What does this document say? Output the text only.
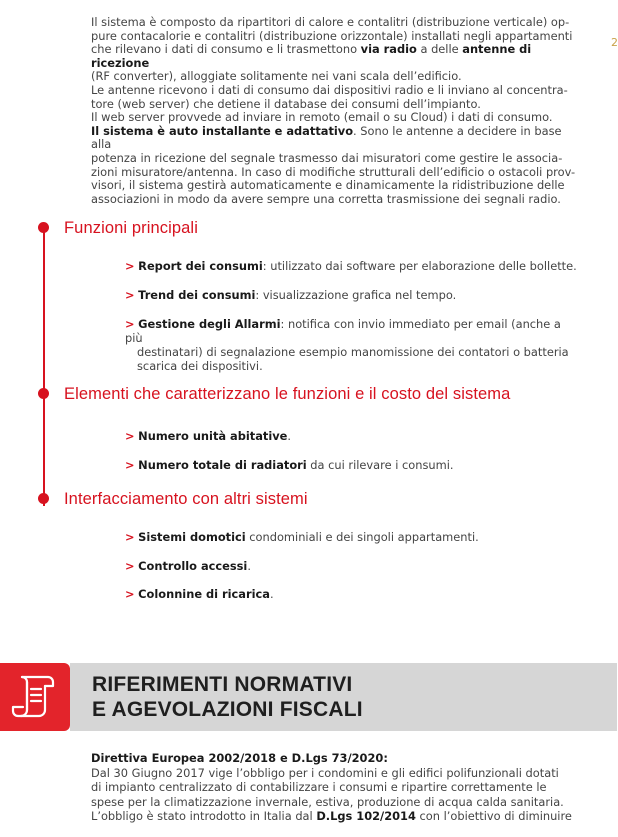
Il sistema è composto da ripartitori di calore e contalitri (distribuzione verticale) op-
pure contacalorie e contalitri (distribuzione orizzontale) installati negli appartamenti
che rilevano i dati di consumo e li trasmettono via radio a delle antenne di ricezione
(RF converter), alloggiate solitamente nei vani scala dell’edificio.

Le antenne ricevono i dati di consumo dai dispositivi radio e li inviano al concentra-
tore (web server) che detiene il database dei consumi dell’impianto.

Il web server provvede ad inviare in remoto (email o su Cloud) i dati di consumo.

Il sistema è auto installante e adattativo. Sono le antenne a decidere in base alla
potenza in ricezione del segnale trasmesso dai misuratori come gestire le associa-
zioni misuratore/antenna. In caso di modifiche strutturali dell’edificio o ostacoli prov-
visori, il sistema gestirà automaticamente e dinamicamente la ridistribuzione delle
associazioni in modo da avere sempre una corretta trasmissione dei segnali radio.

2
Funzioni principali
> Report dei consumi: utilizzato dai software per elaborazione delle bollette.
> Trend dei consumi: visualizzazione grafica nel tempo.
> Gestione degli Allarmi: notifica con invio immediato per email (anche a più
destinatari) di segnalazione esempio manomissione dei contatori o batteria
scarica dei dispositivi.
Elementi che caratterizzano le funzioni e il costo del sistema
> Numero unità abitative.
> Numero totale di radiatori da cui rilevare i consumi.
Interfacciamento con altri sistemi
> Sistemi domotici condominiali e dei singoli appartamenti.
> Controllo accessi.
> Colonnine di ricarica.
RIFERIMENTI NORMATIVI
E AGEVOLAZIONI FISCALI
Direttiva Europea 2002/2018 e D.Lgs 73/2020:
Dal 30 Giugno 2017 vige l’obbligo per i condomini e gli edifici polifunzionali dotati
di impianto centralizzato di contabilizzare i consumi e ripartire correttamente le
spese per la climatizzazione invernale, estiva, produzione di acqua calda sanitaria.
L’obbligo è stato introdotto in Italia dal D.Lgs 102/2014 con l’obiettivo di diminuire
